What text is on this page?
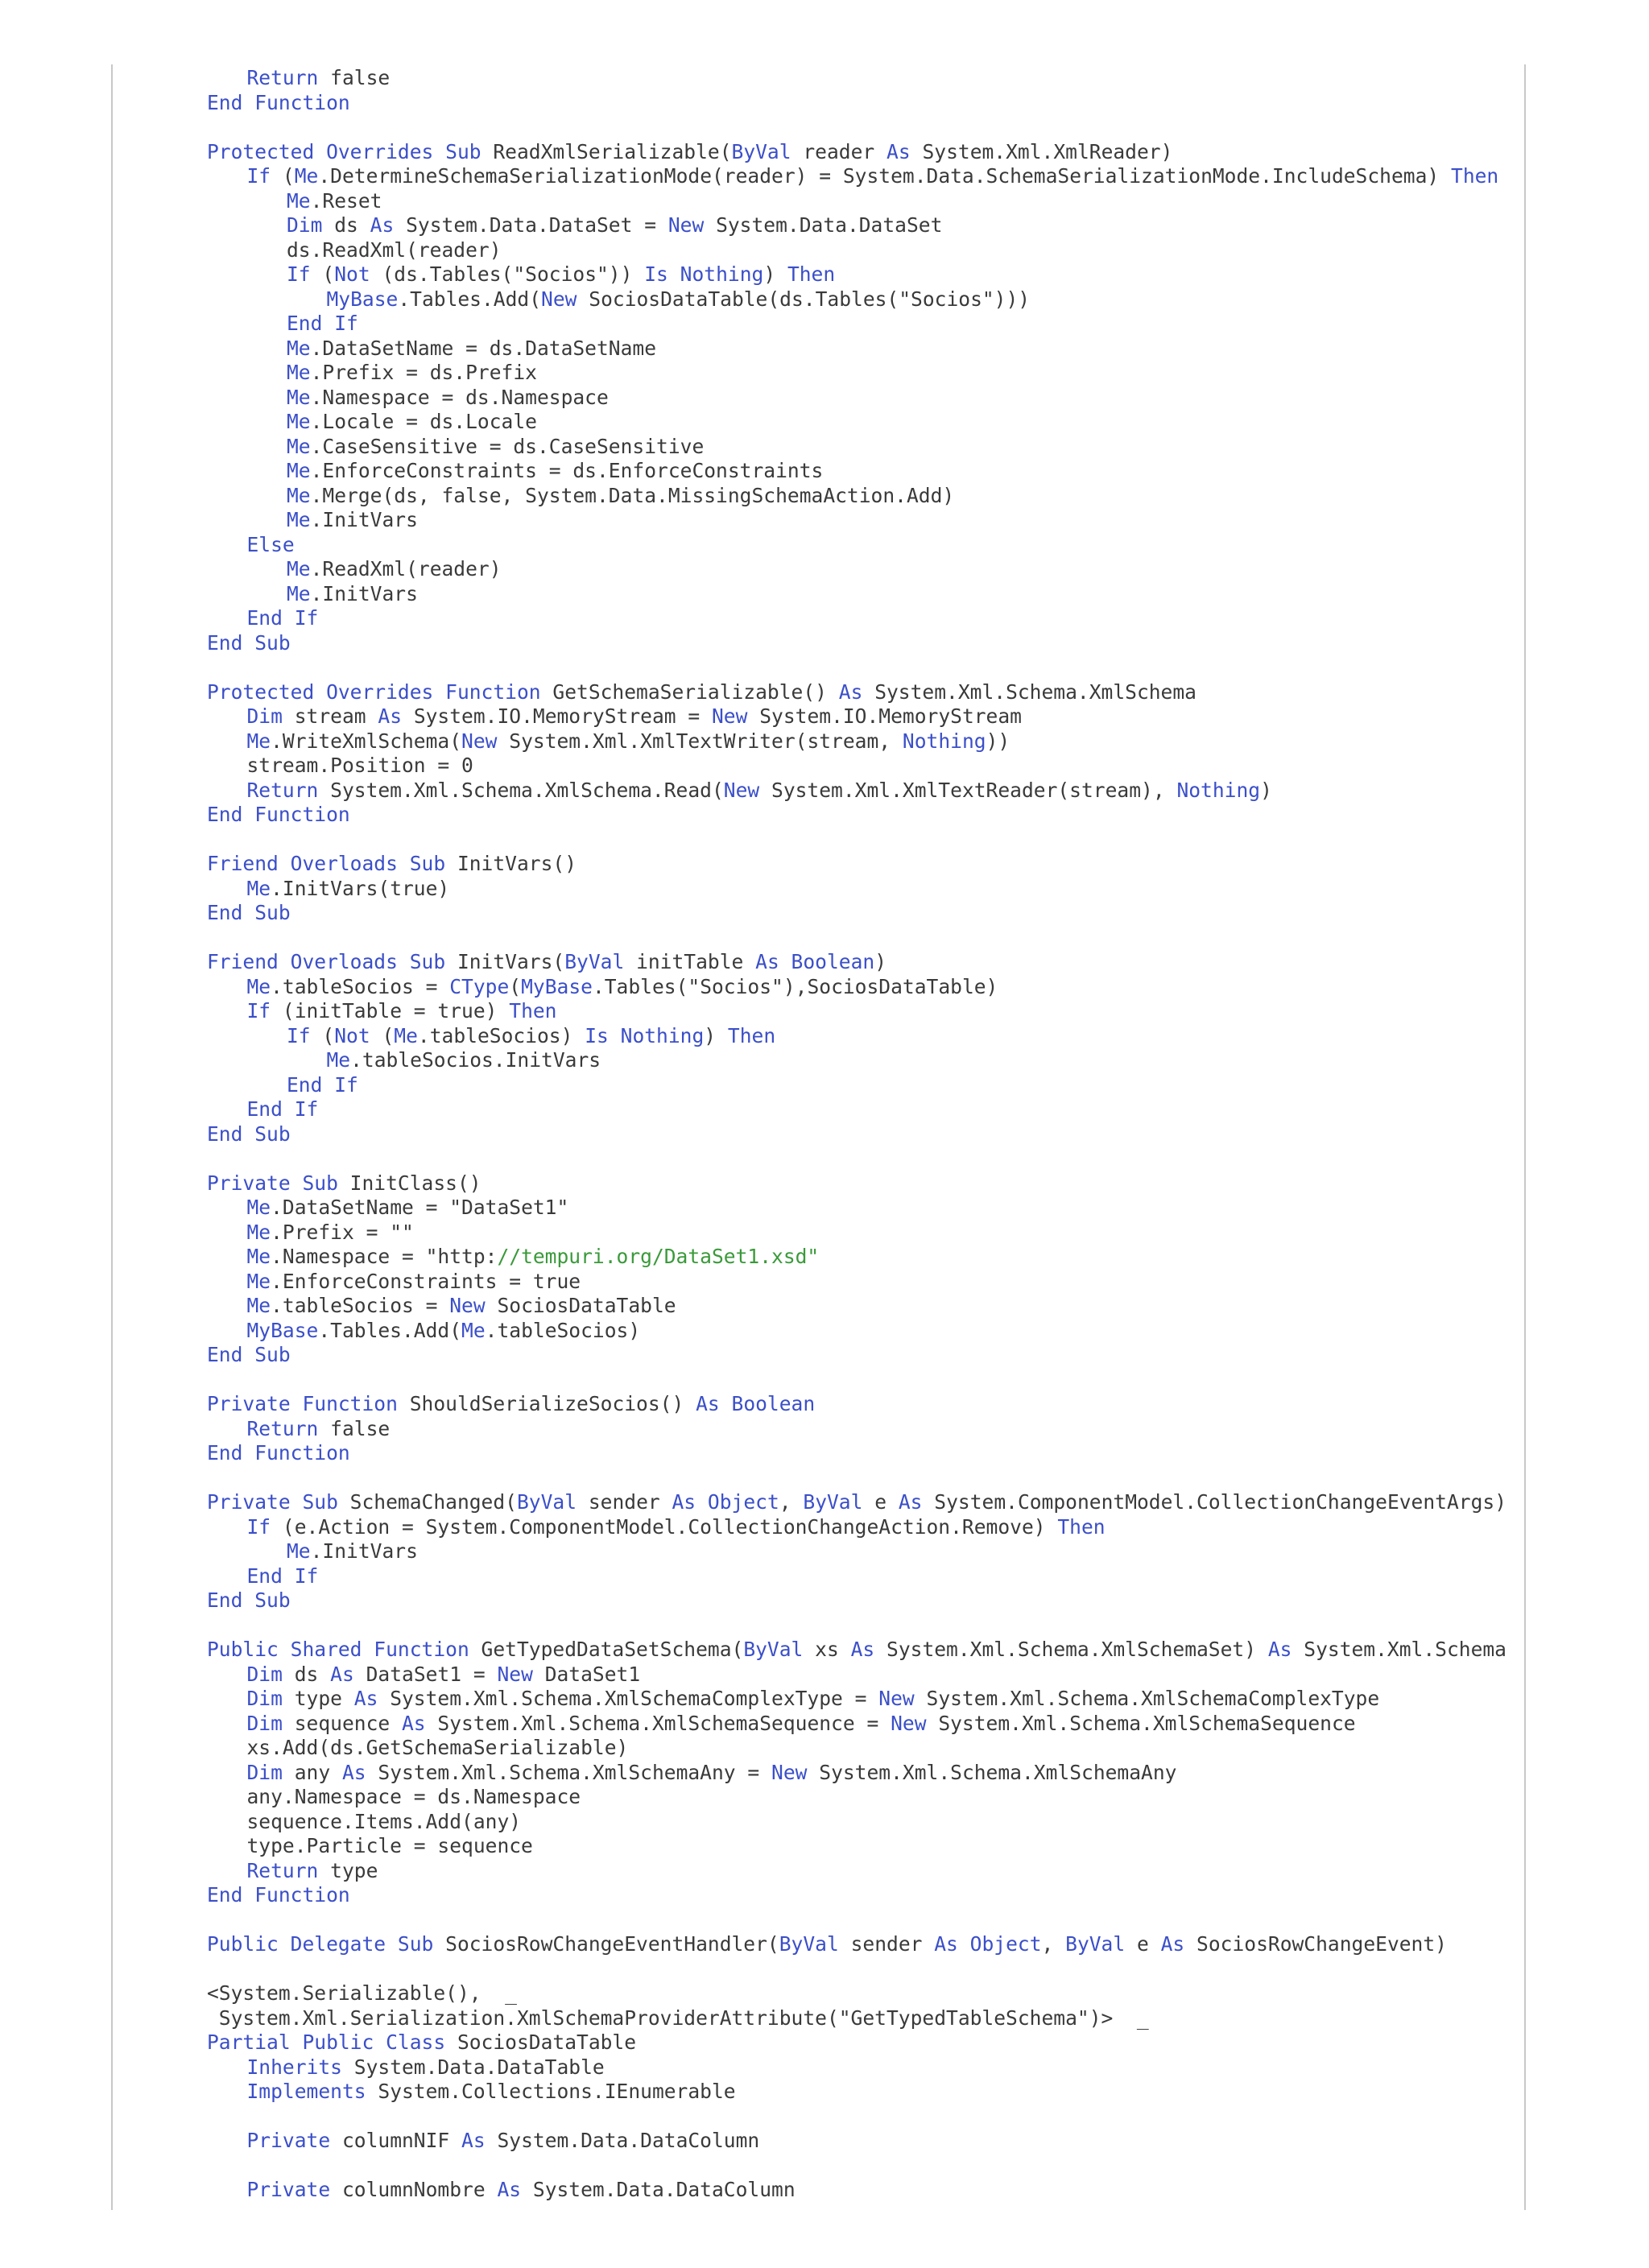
Return false
End Function
Protected Overrides Sub ReadXmlSerializable(ByVal reader As System.Xml.XmlReader)
If (Me.DetermineSchemaSerializationMode(reader) = System.Data.SchemaSerializationMode.IncludeSchema) Then
Me.Reset
Dim ds As System.Data.DataSet = New System.Data.DataSet
ds.ReadXml(reader)
If (Not (ds.Tables("Socios")) Is Nothing) Then
MyBase.Tables.Add(New SociosDataTable(ds.Tables("Socios")))
End If
Me.DataSetName = ds.DataSetName
Me.Prefix = ds.Prefix
Me.Namespace = ds.Namespace
Me.Locale = ds.Locale
Me.CaseSensitive = ds.CaseSensitive
Me.EnforceConstraints = ds.EnforceConstraints
Me.Merge(ds, false, System.Data.MissingSchemaAction.Add)
Me.InitVars
Else
Me.ReadXml(reader)
Me.InitVars
End If
End Sub
Protected Overrides Function GetSchemaSerializable() As System.Xml.Schema.XmlSchema
Dim stream As System.IO.MemoryStream = New System.IO.MemoryStream
Me.WriteXmlSchema(New System.Xml.XmlTextWriter(stream, Nothing))
stream.Position = 0
Return System.Xml.Schema.XmlSchema.Read(New System.Xml.XmlTextReader(stream), Nothing)
End Function
Friend Overloads Sub InitVars()
Me.InitVars(true)
End Sub
Friend Overloads Sub InitVars(ByVal initTable As Boolean)
Me.tableSocios = CType(MyBase.Tables("Socios"),SociosDataTable)
If (initTable = true) Then
If (Not (Me.tableSocios) Is Nothing) Then
Me.tableSocios.InitVars
End If
End If
End Sub
Private Sub InitClass()
Me.DataSetName = "DataSet1"
Me.Prefix = ""
Me.Namespace = "http://tempuri.org/DataSet1.xsd"
Me.EnforceConstraints = true
Me.tableSocios = New SociosDataTable
MyBase.Tables.Add(Me.tableSocios)
End Sub
Private Function ShouldSerializeSocios() As Boolean
Return false
End Function
Private Sub SchemaChanged(ByVal sender As Object, ByVal e As System.ComponentModel.CollectionChangeEventArgs)
If (e.Action = System.ComponentModel.CollectionChangeAction.Remove) Then
Me.InitVars
End If
End Sub
Public Shared Function GetTypedDataSetSchema(ByVal xs As System.Xml.Schema.XmlSchemaSet) As System.Xml.Schema
Dim ds As DataSet1 = New DataSet1
Dim type As System.Xml.Schema.XmlSchemaComplexType = New System.Xml.Schema.XmlSchemaComplexType
Dim sequence As System.Xml.Schema.XmlSchemaSequence = New System.Xml.Schema.XmlSchemaSequence
xs.Add(ds.GetSchemaSerializable)
Dim any As System.Xml.Schema.XmlSchemaAny = New System.Xml.Schema.XmlSchemaAny
any.Namespace = ds.Namespace
sequence.Items.Add(any)
type.Particle = sequence
Return type
End Function
Public Delegate Sub SociosRowChangeEventHandler(ByVal sender As Object, ByVal e As SociosRowChangeEvent)
<System.Serializable(),  _
System.Xml.Serialization.XmlSchemaProviderAttribute("GetTypedTableSchema")>  _
Partial Public Class SociosDataTable
Inherits System.Data.DataTable
Implements System.Collections.IEnumerable
Private columnNIF As System.Data.DataColumn
Private columnNombre As System.Data.DataColumn
